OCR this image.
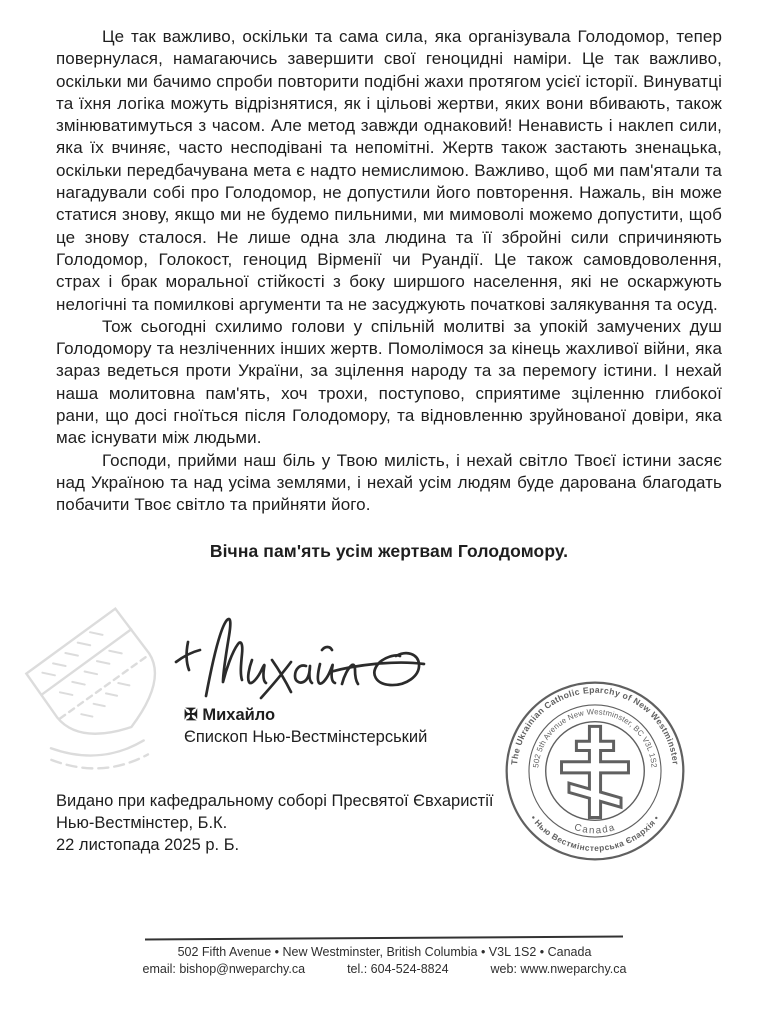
Це так важливо, оскільки та сама сила, яка організувала Голодомор, тепер повернулася, намагаючись завершити свої геноцидні наміри. Це так важливо, оскільки ми бачимо спроби повторити подібні жахи протягом усієї історії. Винуватці та їхня логіка можуть відрізнятися, як і цільові жертви, яких вони вбивають, також змінюватимуться з часом. Але метод завжди однаковий! Ненависть і наклеп сили, яка їх вчиняє, часто несподівані та непомітні. Жертв також застають зненацька, оскільки передбачувана мета є надто немислимою. Важливо, щоб ми пам'ятали та нагадували собі про Голодомор, не допустили його повторення. Нажаль, він може статися знову, якщо ми не будемо пильними, ми мимоволі можемо допустити, щоб це знову сталося. Не лише одна зла людина та її збройні сили спричиняють Голодомор, Голокост, геноцид Вірменії чи Руандії. Це також самовдоволення, страх і брак моральної стійкості з боку ширшого населення, які не оскаржують нелогічні та помилкові аргументи та не засуджують початкові залякування та осуд.

Тож сьогодні схилимо голови у спільній молитві за упокій замучених душ Голодомору та незліченних інших жертв. Помолімося за кінець жахливої війни, яка зараз ведеться проти України, за зцілення народу та за перемогу істини. І нехай наша молитовна пам'ять, хоч трохи, поступово, сприятиме зціленню глибокої рани, що досі гноїться після Голодомору, та відновленню зруйнованої довіри, яка має існувати між людьми.

Господи, прийми наш біль у Твою милість, і нехай світло Твоєї істини засяє над Україною та над усіма землями, і нехай усім людям буде дарована благодать побачити Твоє світло та прийняти його.

Вічна пам'ять усім жертвам Голодомору.

✠ Михайло
Єпископ Нью-Вестмінстерський
Видано при кафедральному соборі Пресвятої Євхаристії
Нью-Вестмінстер, Б.К.
22 листопада 2025 р. Б.
The Ukrainian Catholic Eparchy of New Westminster
• Нью Вестмінстерська Єпархія •
502 5th Avenue New Westminster, BC V3L 1S2
Canada
502 Fifth Avenue • New Westminster, British Columbia • V3L 1S2 • Canada
email: bishop@nweparchy.ca	tel.: 604-524-8824	web: www.nweparchy.ca
